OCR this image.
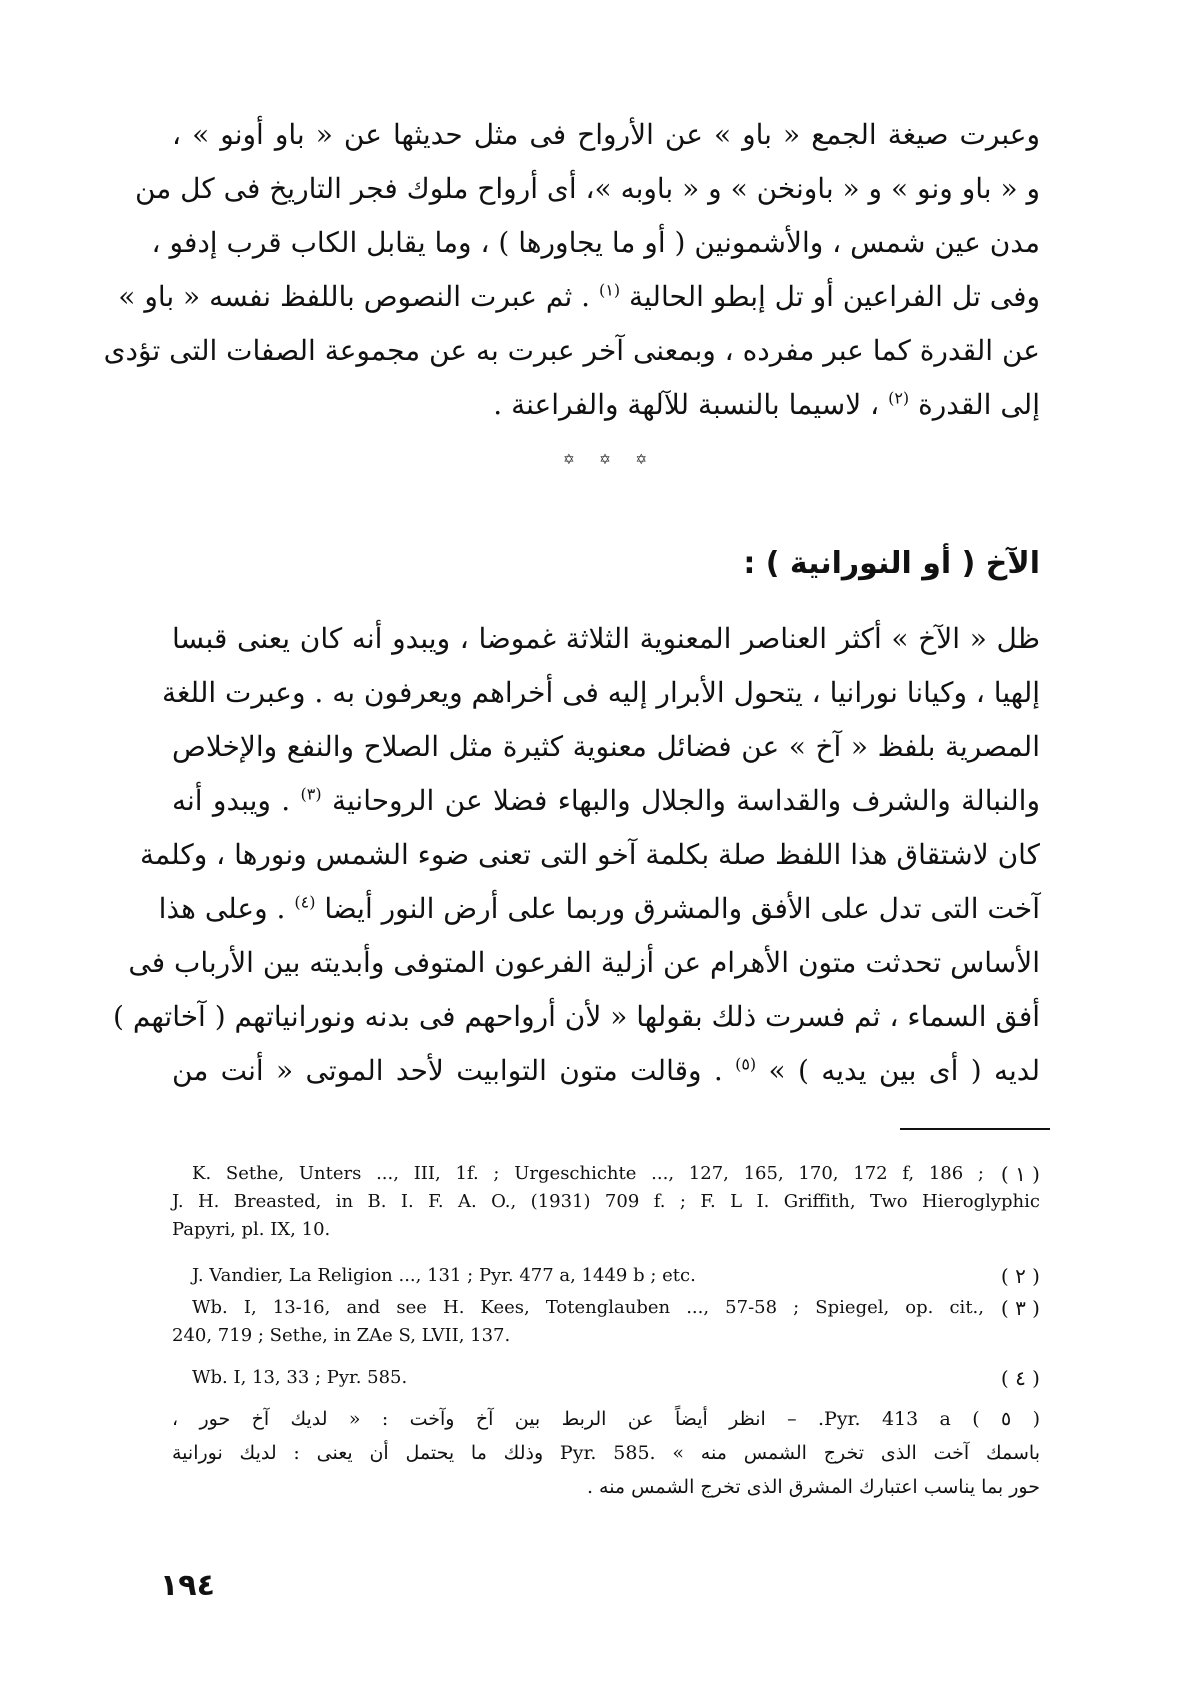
وعبرت صيغة الجمع « باو » عن الأرواح فى مثل حديثها عن « باو أونو » ،
و « باو ونو » و « باونخن » و « باوبه »، أى أرواح ملوك فجر التاريخ فى كل من
مدن عين شمس ، والأشمونين ( أو ما يجاورها ) ، وما يقابل الكاب قرب إدفو ،
وفى تل الفراعين أو تل إبطو الحالية $^{(١)}$ . ثم عبرت النصوص باللفظ نفسه « باو »
عن القدرة كما عبر مفرده ، وبمعنى آخر عبرت به عن مجموعة الصفات التى تؤدى
إلى القدرة $^{(٢)}$ ، لاسيما بالنسبة للآلهة والفراعنة .
✡ ✡ ✡
الآخ ( أو النورانية ) :
ظل « الآخ » أكثر العناصر المعنوية الثلاثة غموضا ، ويبدو أنه كان يعنى قبسا
إلهيا ، وكيانا نورانيا ، يتحول الأبرار إليه فى أخراهم ويعرفون به . وعبرت اللغة
المصرية بلفظ « آخ » عن فضائل معنوية كثيرة مثل الصلاح والنفع والإخلاص
والنبالة والشرف والقداسة والجلال والبهاء فضلا عن الروحانية $^{(٣)}$ . ويبدو أنه
كان لاشتقاق هذا اللفظ صلة بكلمة آخو التى تعنى ضوء الشمس ونورها ، وكلمة
آخت التى تدل على الأفق والمشرق وربما على أرض النور أيضا $^{(٤)}$ . وعلى هذا
الأساس تحدثت متون الأهرام عن أزلية الفرعون المتوفى وأبديته بين الأرباب فى
أفق السماء ، ثم فسرت ذلك بقولها « لأن أرواحهم فى بدنه ونورانياتهم ( آخاتهم )
لديه ( أى بين يديه ) » $^{(٥)}$ . وقالت متون التوابيت لأحد الموتى « أنت من
( ١ )
K. Sethe, Unters ..., III, 1f. ; Urgeschichte ..., 127, 165, 170, 172 f, 186 ;
J. H. Breasted, in B. I. F. A. O., (1931) 709 f. ; F. L I. Griffith, Two Hieroglyphic
Papyri, pl. IX, 10.
( ٢ )
J. Vandier, La Religion ..., 131 ; Pyr. 477 a, 1449 b ; etc.
( ٣ )
Wb. I, 13-16, and see H. Kees, Totenglauben ..., 57-58 ; Spiegel, op. cit.,
240, 719 ; Sethe, in ZAe S, LVII, 137.
( ٤ )
Wb. I, 13, 33 ; Pyr. 585.
( ٥ ) Pyr. 413 a. – انظر أيضاً عن الربط بين آخ وآخت : « لديك آخ حور ،
باسمك آخت الذى تخرج الشمس منه » .Pyr. 585 وذلك ما يحتمل أن يعنى : لديك نورانية
حور بما يناسب اعتبارك المشرق الذى تخرج الشمس منه .
١٩٤
